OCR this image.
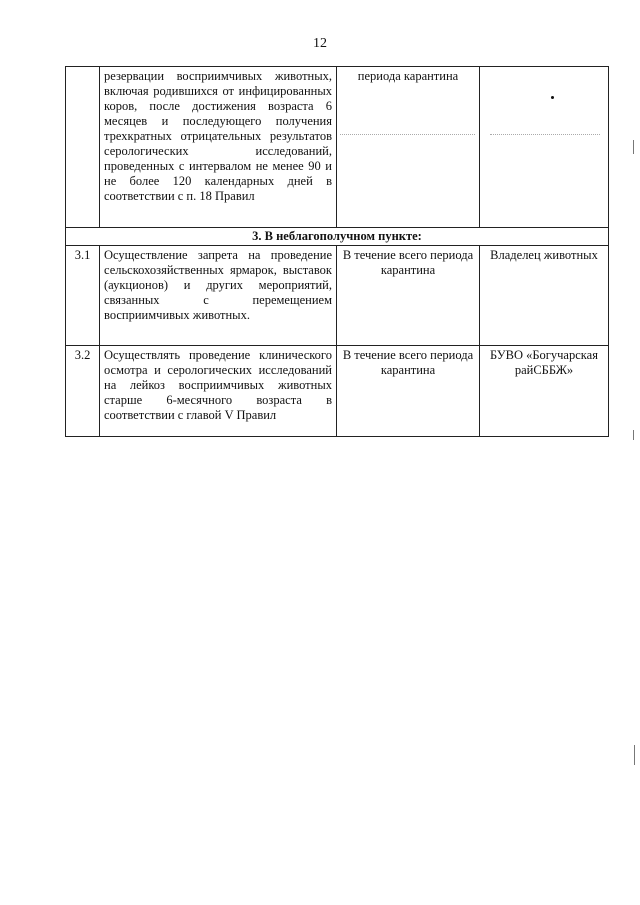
12
	резервации восприимчивых животных, включая родившихся от инфицированных коров, после достижения возраста 6 месяцев и последующего получения трехкратных отрицательных результатов серологических исследований, проведенных с интервалом не менее 90 и не более 120 календарных дней в соответствии с п. 18 Правил	периода карантина	
3. В неблагополучном пункте:			
3.1	Осуществление запрета на проведение сельскохозяйственных ярмарок, выставок (аукционов) и других мероприятий, связанных с перемещением восприимчивых животных.	В течение всего периода карантина	Владелец животных
3.2	Осуществлять проведение клинического осмотра и серологических исследований на лейкоз восприимчивых животных старше 6-месячного возраста в соответствии с главой V Правил	В течение всего периода карантина	БУВО «Богучарская райСББЖ»
